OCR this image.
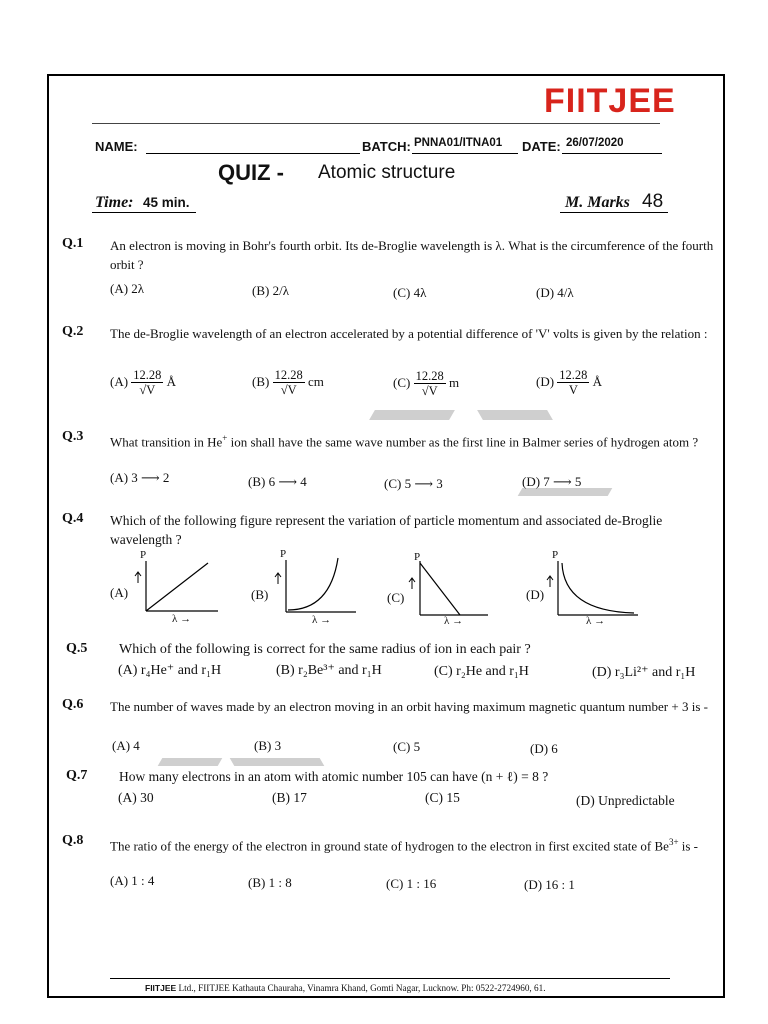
FIITJEE
NAME:	BATCH: PNNA01/ITNA01 DATE: 26/07/2020
QUIZ - Atomic structure
Time: 45 min.	M. Marks 48
Q.1 An electron is moving in Bohr's fourth orbit. Its de-Broglie wavelength is λ. What is the circumference of the fourth orbit ?
(A) 2λ	(B) 2/λ	(C) 4λ	(D) 4/λ
Q.2 The de-Broglie wavelength of an electron accelerated by a potential difference of 'V' volts is given by the relation :
$(A) \frac{12.28}{√V}$ Å	$(B) \frac{12.28}{√V}$ cm	$(C) \frac{12.28}{√V}$ m	$(D) \frac{12.28}{V}$ Å
Q.3 What transition in He+ ion shall have the same wave number as the first line in Balmer series of hydrogen atom ?
(A) 3 ⟶ 2	(B) 6 ⟶ 4	(C) 5 ⟶ 3	(D) 7 ⟶ 5
Q.4 Which of the following figure represent the variation of particle momentum and associated de-Broglie wavelength ?
(A)
P
λ →
(B)
P
λ →
(C)
P
λ →
(D)
P
λ →
Q.5 Which of the following is correct for the same radius of ion in each pair ?
(A) r₄He⁺ and r₁H	(B) r₂Be³⁺ and r₁H	(C) r₂He and r₁H	(D) r₃Li²⁺ and r₁H
Q.6 The number of waves made by an electron moving in an orbit having maximum magnetic quantum number + 3 is -
(A) 4	(B) 3	(C) 5	(D) 6
Q.7 How many electrons in an atom with atomic number 105 can have (n + ℓ) = 8 ?
(A) 30	(B) 17	(C) 15	(D) Unpredictable
Q.8 The ratio of the energy of the electron in ground state of hydrogen to the electron in first excited state of $Be^{3+}$ is -
(A) 1 : 4	(B) 1 : 8	(C) 1 : 16	(D) 16 : 1
FIITJEE Ltd., FIITJEE Kathauta Chauraha, Vinamra Khand, Gomti Nagar, Lucknow. Ph: 0522-2724960, 61.
